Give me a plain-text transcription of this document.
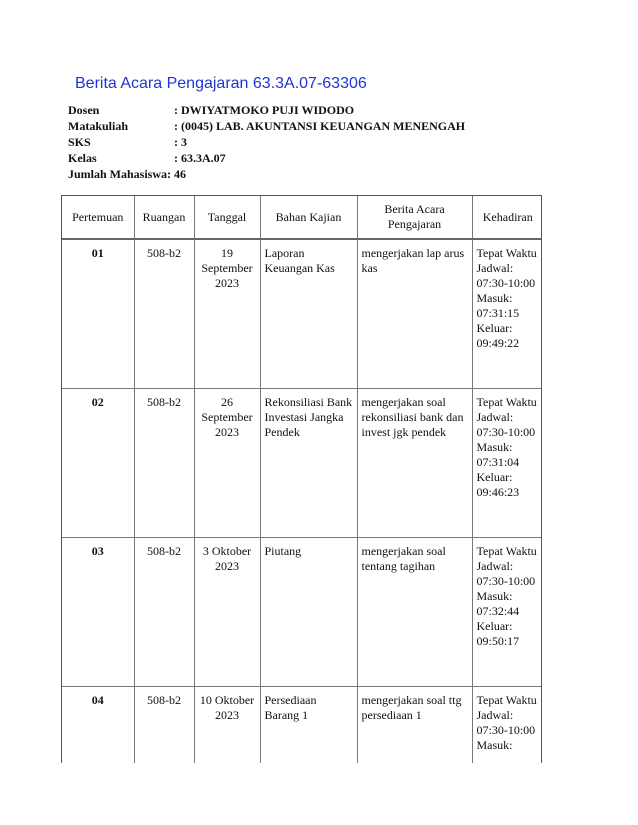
Berita Acara Pengajaran 63.3A.07-63306
Dosen	: DWIYATMOKO PUJI WIDODO
Matakuliah	: (0045) LAB. AKUNTANSI KEUANGAN MENENGAH
SKS	: 3
Kelas	: 63.3A.07
Jumlah Mahasiswa : 46
Pertemuan	Ruangan	Tanggal	Bahan Kajian	Berita Acara Pengajaran	Kehadiran
01	508-b2	19 September 2023	Laporan Keuangan Kas	mengerjakan lap arus kas	Tepat Waktu Jadwal: 07:30-10:00 Masuk: 07:31:15 Keluar: 09:49:22
02	508-b2	26 September 2023	Rekonsiliasi Bank Investasi Jangka Pendek	mengerjakan soal rekonsiliasi bank dan invest jgk pendek	Tepat Waktu Jadwal: 07:30-10:00 Masuk: 07:31:04 Keluar: 09:46:23
03	508-b2	3 Oktober 2023	Piutang	mengerjakan soal tentang tagihan	Tepat Waktu Jadwal: 07:30-10:00 Masuk: 07:32:44 Keluar: 09:50:17
04	508-b2	10 Oktober 2023	Persediaan Barang 1	mengerjakan soal ttg persediaan 1	Tepat Waktu Jadwal: 07:30-10:00 Masuk:
